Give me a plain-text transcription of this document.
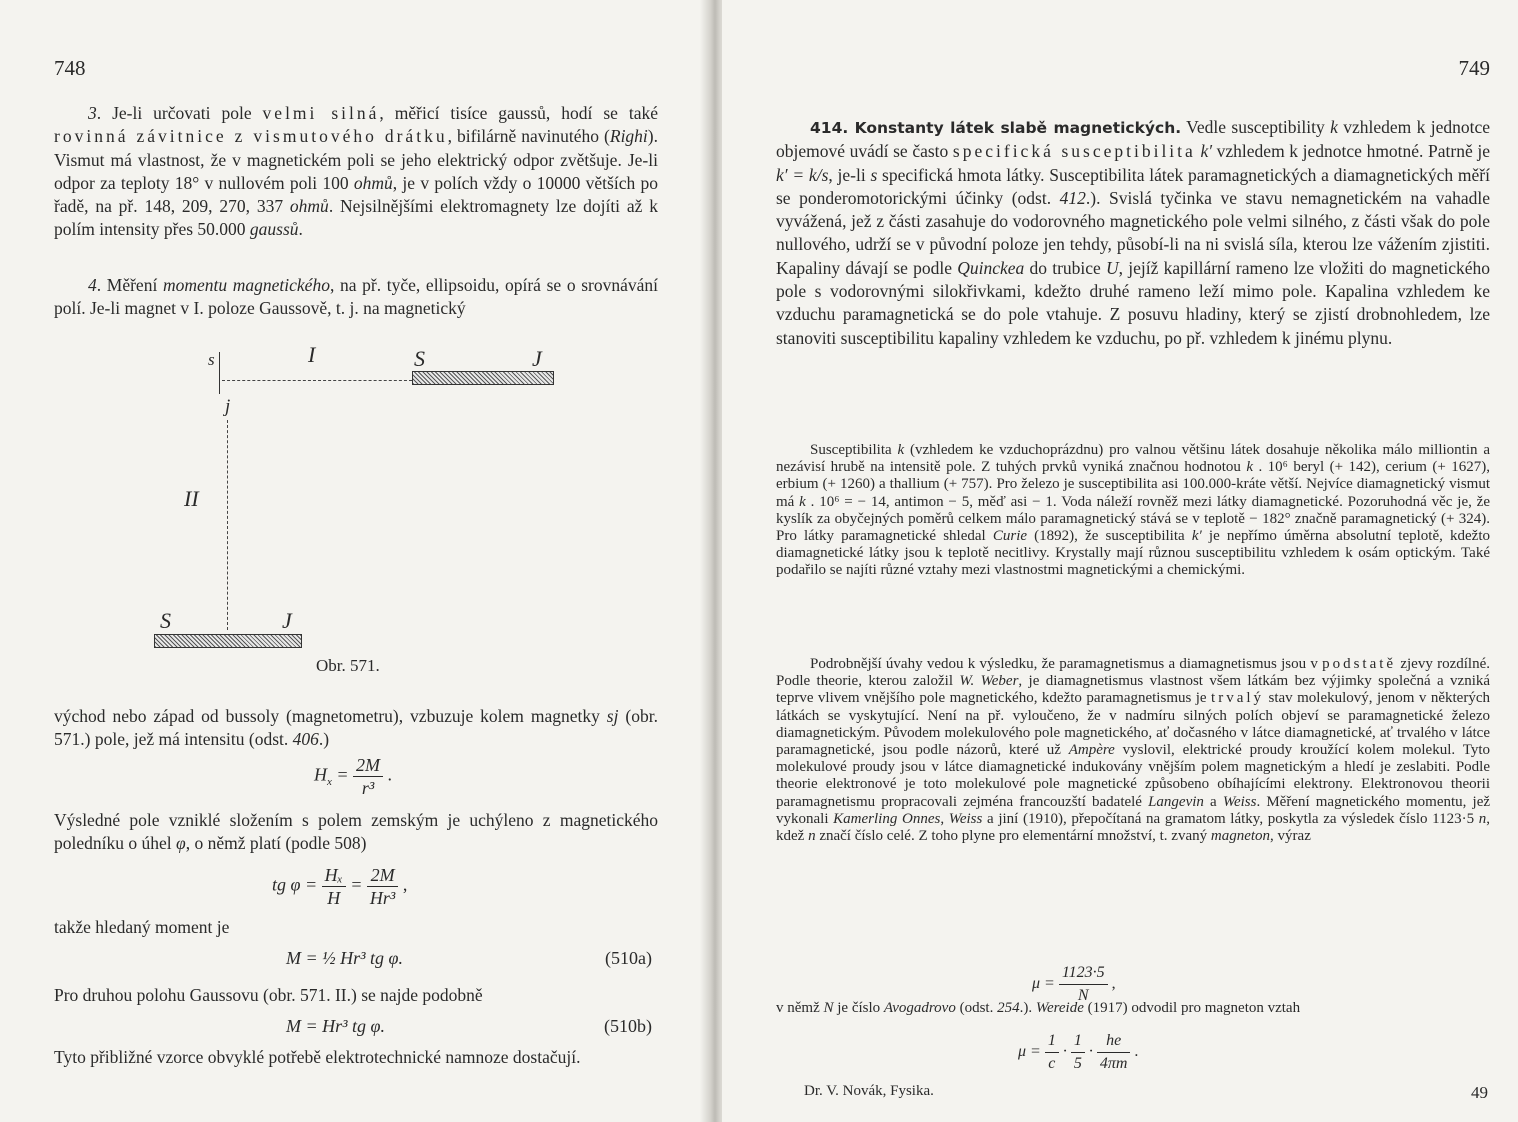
748

3. Je-li určovati pole velmi silná, měřicí tisíce gaussů, hodí se také rovinná závitnice z vismutového drátku, bifilárně navinutého (Righi). Vismut má vlastnost, že v magnetickém poli se jeho elektrický odpor zvětšuje. Je-li odpor za teploty 18° v nullovém poli 100 ohmů, je v polích vždy o 10000 větších po řadě, na př. 148, 209, 270, 337 ohmů. Nejsilnějšími elektromagnety lze dojíti až k polím intensity přes 50.000 gaussů.

4. Měření momentu magnetického, na př. tyče, ellipsoidu, opírá se o srovnávání polí. Je-li magnet v I. poloze Gaussově, t. j. na magnetický

s	I	S	J
j
II
S	J
Obr. 571.

východ nebo západ od bussoly (magnetometru), vzbuzuje kolem magnetky sj (obr. 571.) pole, jež má intensitu (odst. 406.)

$H_x = \frac{2M}{\text{r³}}$ .

Výsledné pole vzniklé složením s polem zemským je uchýleno z magnetického poledníku o úhel φ, o němž platí (podle 508)

tg $\varphi = \frac{\text{Hₓ}}{H} = \frac{2M}{\text{Hr³}}$ ,

takže hledaný moment je

M = ½ Hr³ tg φ.	(510a)

Pro druhou polohu Gaussovu (obr. 571. II.) se najde podobně

M = Hr³ tg φ.	(510b)

Tyto přibližné vzorce obvyklé potřebě elektrotechnické namnoze dostačují.

749

414. Konstanty látek slabě magnetických. Vedle susceptibility k vzhledem k jednotce objemové uvádí se často specifická susceptibilita k′ vzhledem k jednotce hmotné. Patrně je k′ = k/s, je-li s specifická hmota látky. Susceptibilita látek paramagnetických a diamagnetických měří se ponderomotorickými účinky (odst. 412.). Svislá tyčinka ve stavu nemagnetickém na vahadle vyvážená, jež z části zasahuje do vodorovného magnetického pole velmi silného, z části však do pole nullového, udrží se v původní poloze jen tehdy, působí-li na ni svislá síla, kterou lze vážením zjistiti. Kapaliny dávají se podle Quinckea do trubice U, jejíž kapillární rameno lze vložiti do magnetického pole s vodorovnými silokřivkami, kdežto druhé rameno leží mimo pole. Kapalina vzhledem ke vzduchu paramagnetická se do pole vtahuje. Z posuvu hladiny, který se zjistí drobnohledem, lze stanoviti susceptibilitu kapaliny vzhledem ke vzduchu, po př. vzhledem k jinému plynu.

Susceptibilita k (vzhledem ke vzduchoprázdnu) pro valnou většinu látek dosahuje několika málo milliontin a nezávisí hrubě na intensitě pole. Z tuhých prvků vyniká značnou hodnotou k . 10⁶ beryl (+ 142), cerium (+ 1627), erbium (+ 1260) a thallium (+ 757). Pro železo je susceptibilita asi 100.000-kráte větší. Nejvíce diamagnetický vismut má k . 10⁶ = − 14, antimon − 5, měď asi − 1. Voda náleží rovněž mezi látky diamagnetické. Pozoruhodná věc je, že kyslík za obyčejných poměrů celkem málo paramagnetický stává se v teplotě − 182° značně paramagnetický (+ 324). Pro látky paramagnetické shledal Curie (1892), že susceptibilita k′ je nepřímo úměrna absolutní teplotě, kdežto diamagnetické látky jsou k teplotě necitlivy. Krystally mají různou susceptibilitu vzhledem k osám optickým. Také podařilo se najíti různé vztahy mezi vlastnostmi magnetickými a chemickými.

Podrobnější úvahy vedou k výsledku, že paramagnetismus a diamagnetismus jsou v podstatě zjevy rozdílné. Podle theorie, kterou založil W. Weber, je diamagnetismus vlastnost všem látkám bez výjimky společná a vzniká teprve vlivem vnějšího pole magnetického, kdežto paramagnetismus je trvalý stav molekulový, jenom v některých látkách se vyskytující. Není na př. vyloučeno, že v nadmíru silných polích objeví se paramagnetické železo diamagnetickým. Původem molekulového pole magnetického, ať dočasného v látce diamagnetické, ať trvalého v látce paramagnetické, jsou podle názorů, které už Ampère vyslovil, elektrické proudy kroužící kolem molekul. Tyto molekulové proudy jsou v látce diamagnetické indukovány vnějším polem magnetickým a hledí je zeslabiti. Podle theorie elektronové je toto molekulové pole magnetické způsobeno obíhajícími elektrony. Elektronovou theorii paramagnetismu propracovali zejména francouzští badatelé Langevin a Weiss. Měření magnetického momentu, jež vykonali Kamerling Onnes, Weiss a jiní (1910), přepočítaná na gramatom látky, poskytla za výsledek číslo 1123·5 n, kdež n značí číslo celé. Z toho plyne pro elementární množství, t. zvaný magneton, výraz

$\mu = \frac{1123\cdot 5}{N}$ ,

v němž N je číslo Avogadrovo (odst. 254.). Wereide (1917) odvodil pro magneton vztah

$\mu = \frac{1}{c} \cdot \frac{1}{5} \cdot \frac{he}{4\pi m}$ .
Dr. V. Novák, Fysika.	49
